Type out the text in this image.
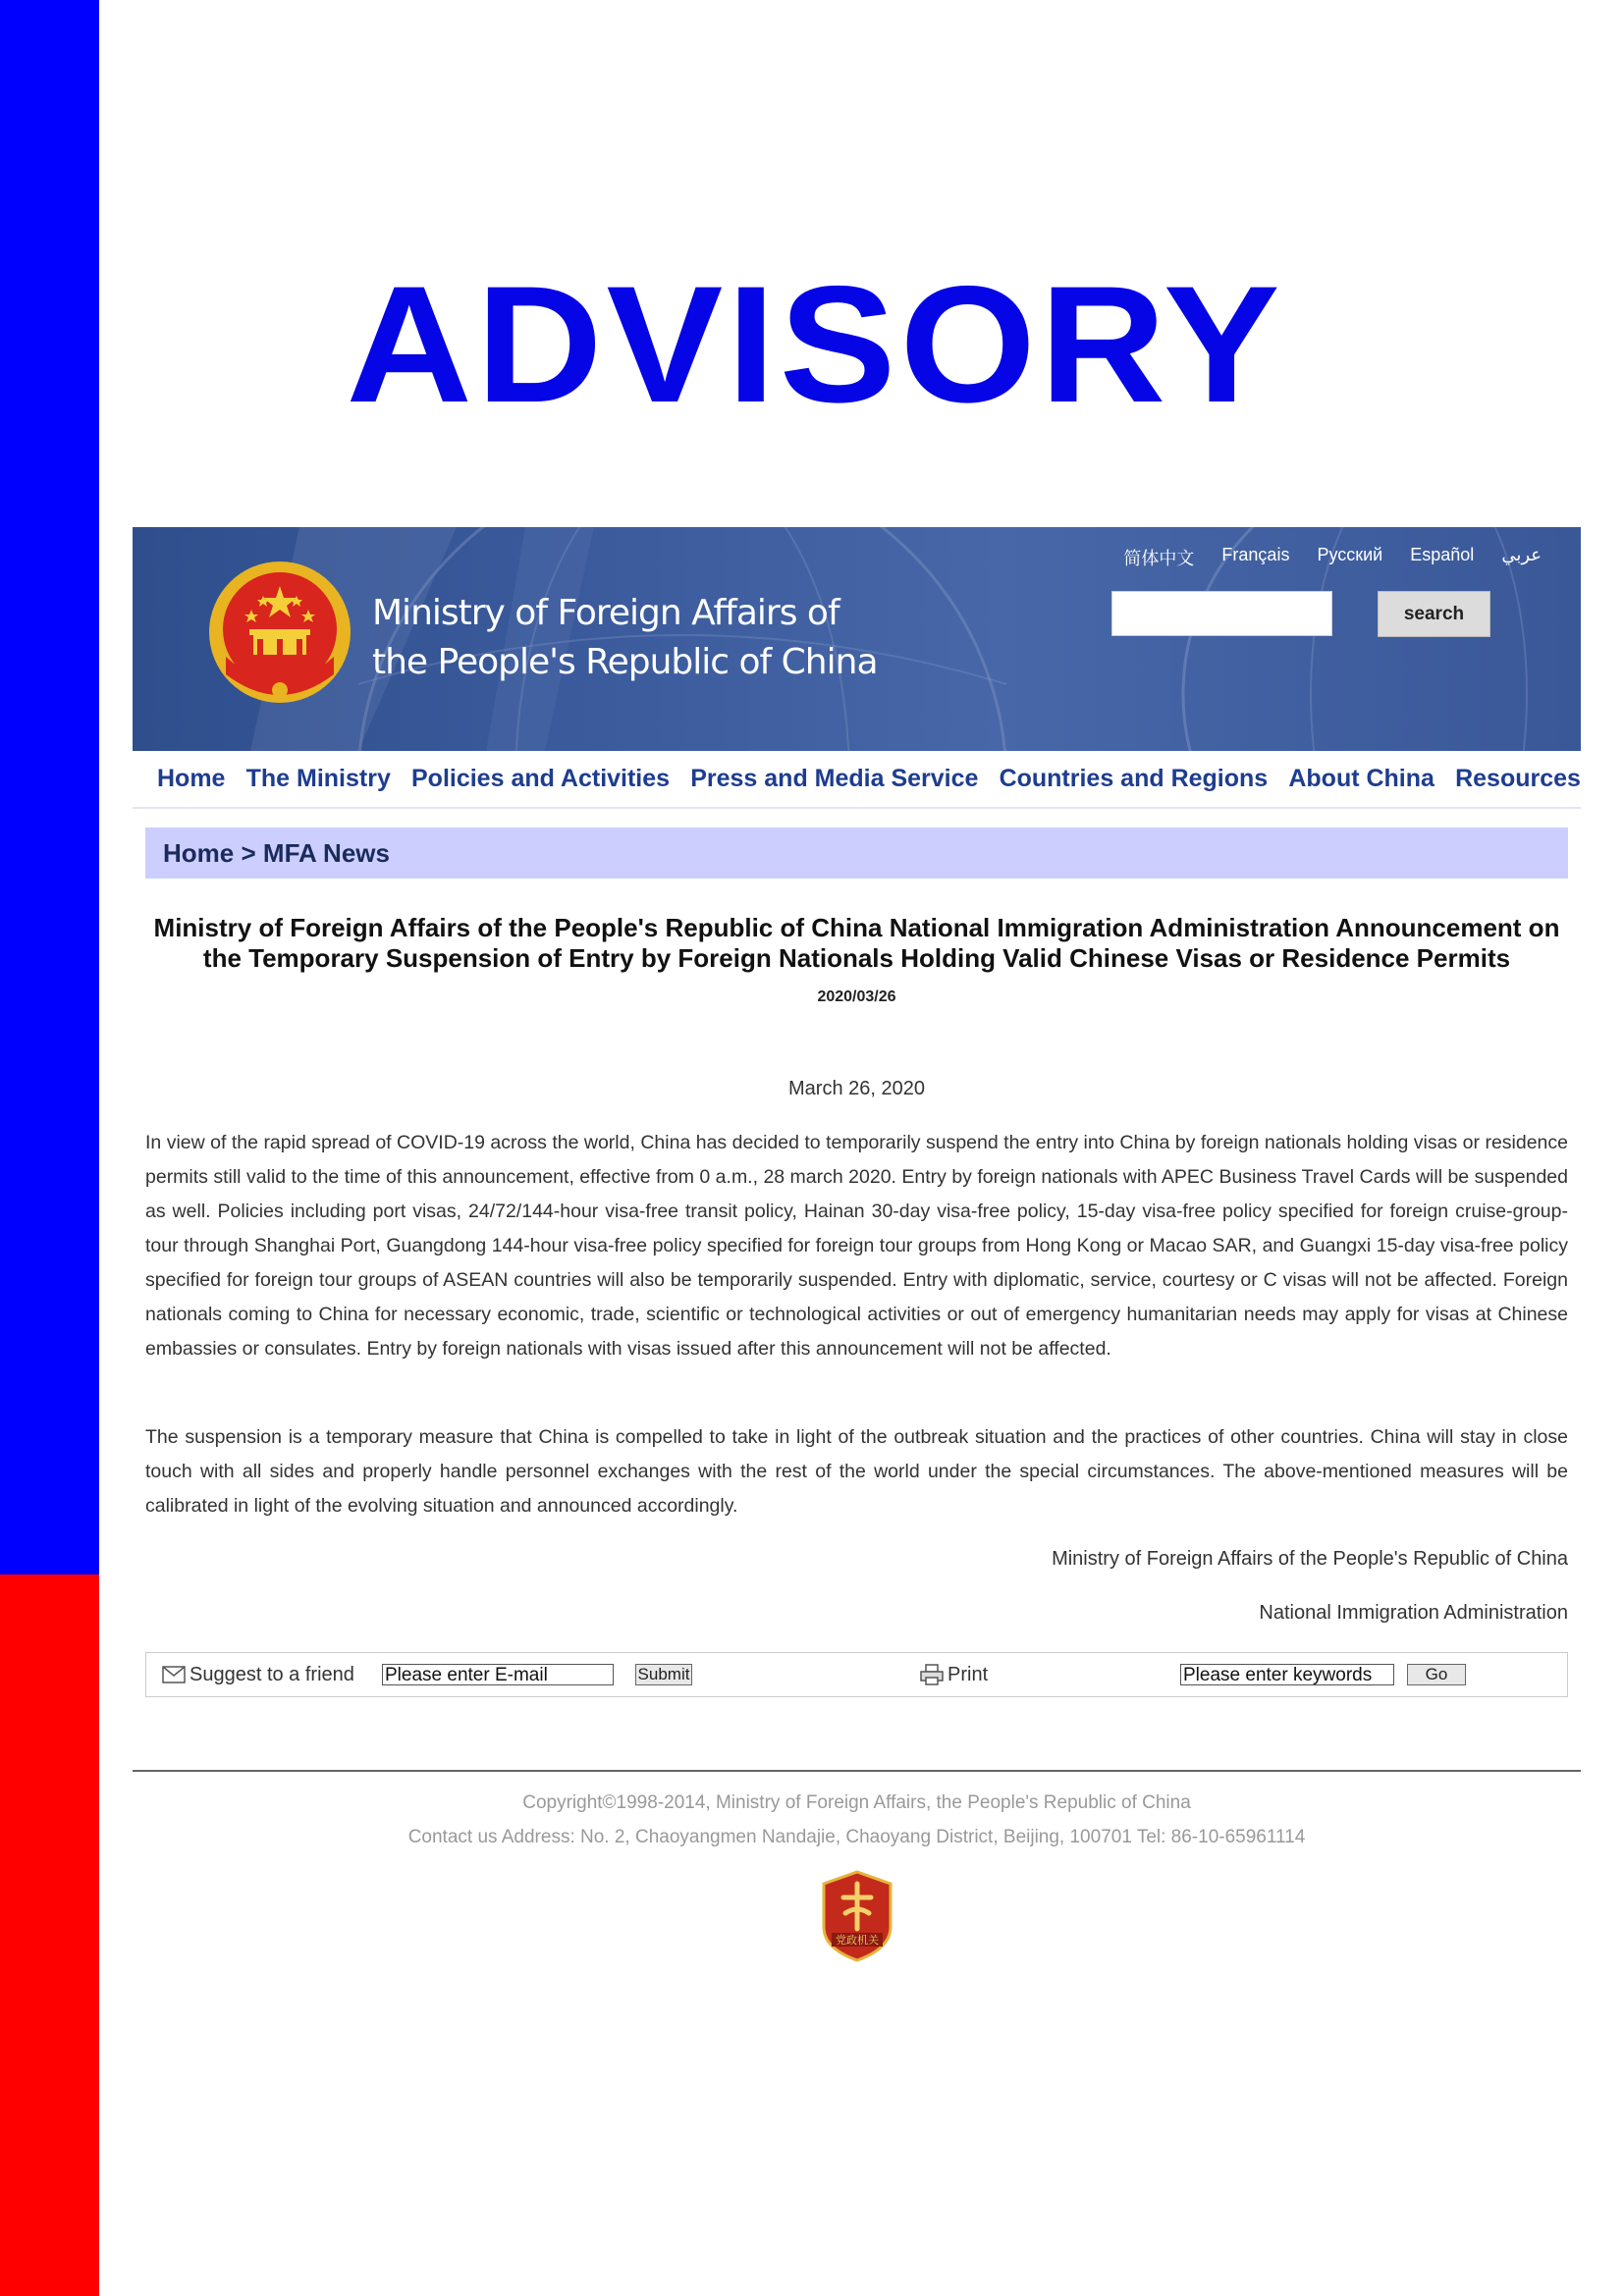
ADVISORY
Ministry of Foreign Affairs of
the People's Republic of China
简体中文 Français Русский Español عربي
search
Home The Ministry Policies and Activities Press and Media Service Countries and Regions About China Resources
Home > MFA News
Ministry of Foreign Affairs of the People's Republic of China National Immigration Administration Announcement on the Temporary Suspension of Entry by Foreign Nationals Holding Valid Chinese Visas or Residence Permits
2020/03/26
March 26, 2020

In view of the rapid spread of COVID-19 across the world, China has decided to temporarily suspend the entry into China by foreign nationals holding visas or residence permits still valid to the time of this announcement, effective from 0 a.m., 28 march 2020. Entry by foreign nationals with APEC Business Travel Cards will be suspended as well. Policies including port visas, 24/72/144-hour visa-free transit policy, Hainan 30-day visa-free policy, 15-day visa-free policy specified for foreign cruise-group-tour through Shanghai Port, Guangdong 144-hour visa-free policy specified for foreign tour groups from Hong Kong or Macao SAR, and Guangxi 15-day visa-free policy specified for foreign tour groups of ASEAN countries will also be temporarily suspended. Entry with diplomatic, service, courtesy or C visas will not be affected. Foreign nationals coming to China for necessary economic, trade, scientific or technological activities or out of emergency humanitarian needs may apply for visas at Chinese embassies or consulates. Entry by foreign nationals with visas issued after this announcement will not be affected.

The suspension is a temporary measure that China is compelled to take in light of the outbreak situation and the practices of other countries. China will stay in close touch with all sides and properly handle personnel exchanges with the rest of the world under the special circumstances. The above-mentioned measures will be calibrated in light of the evolving situation and announced accordingly.

Ministry of Foreign Affairs of the People's Republic of China
National Immigration Administration
Suggest to a friend Please enter E-mail	Submit	Print	Please enter keywords	Go
Copyright©1998-2014, Ministry of Foreign Affairs, the People's Republic of China
Contact us Address: No. 2, Chaoyangmen Nandajie, Chaoyang District, Beijing, 100701 Tel: 86-10-65961114
党政机关
